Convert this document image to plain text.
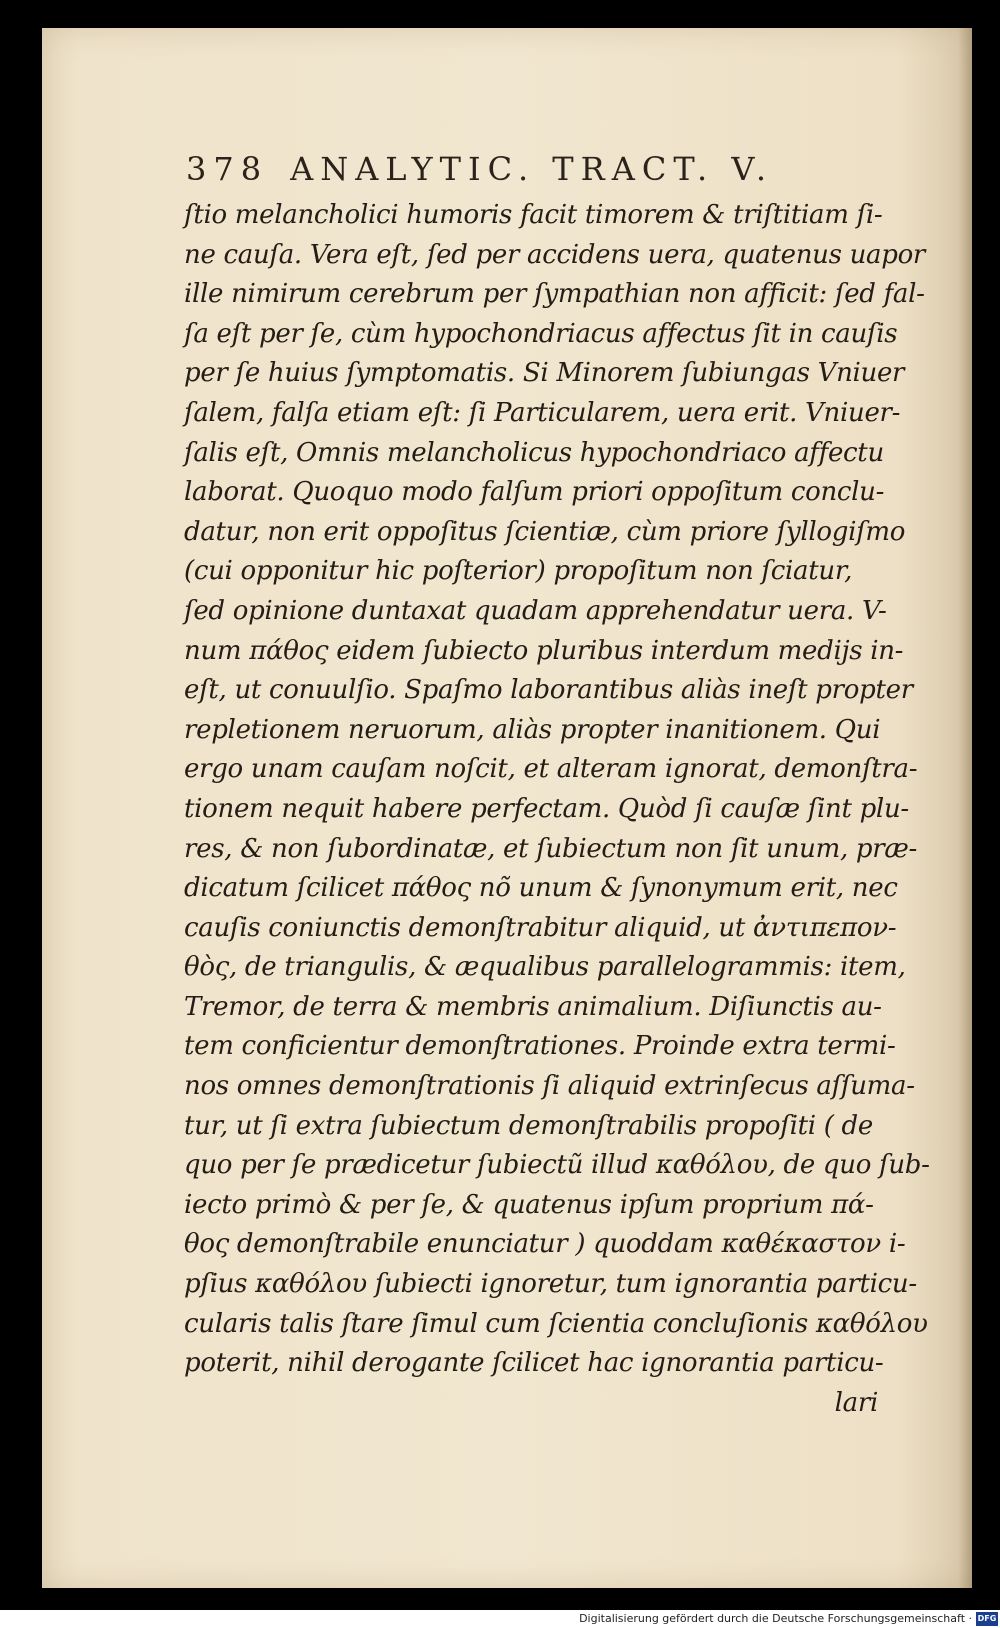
378 ANALYTIC. TRACT. V.
ſtio melancholici humoris facit timorem & triſtitiam ſi-
ne cauſa. Vera eſt, ſed per accidens uera, quatenus uapor
ille nimirum cerebrum per ſympathian non afficit: ſed fal-
ſa eſt per ſe, cùm hypochondriacus affectus ſit in cauſis
per ſe huius ſymptomatis. Si Minorem ſubiungas Vniuer
ſalem, falſa etiam eſt: ſi Particularem, uera erit. Vniuer-
ſalis eſt, Omnis melancholicus hypochondriaco affectu
laborat. Quoquo modo falſum priori oppoſitum conclu-
datur, non erit oppoſitus ſcientiæ, cùm priore ſyllogiſmo
(cui opponitur hic poſterior) propoſitum non ſciatur,
ſed opinione duntaxat quadam apprehendatur uera. V-
num πάθος eidem ſubiecto pluribus interdum medijs in-
eſt, ut conuulſio. Spaſmo laborantibus aliàs ineſt propter
repletionem neruorum, aliàs propter inanitionem. Qui
ergo unam cauſam noſcit, et alteram ignorat, demonſtra-
tionem nequit habere perfectam. Quòd ſi cauſæ ſint plu-
res, & non ſubordinatæ, et ſubiectum non ſit unum, præ-
dicatum ſcilicet πάθος nõ unum & ſynonymum erit, nec
cauſis coniunctis demonſtrabitur aliquid, ut ἀντιπεπον-
θὸς, de triangulis, & æqualibus parallelogrammis: item,
Tremor, de terra & membris animalium. Diſiunctis au-
tem conficientur demonſtrationes. Proinde extra termi-
nos omnes demonſtrationis ſi aliquid extrinſecus aſſuma-
tur, ut ſi extra ſubiectum demonſtrabilis propoſiti ( de
quo per ſe prædicetur ſubiectũ illud καθόλου, de quo ſub-
iecto primò & per ſe, & quatenus ipſum proprium πά-
θος demonſtrabile enunciatur ) quoddam καθέκαστον i-
pſius καθόλου ſubiecti ignoretur, tum ignorantia particu-
cularis talis ſtare ſimul cum ſcientia concluſionis καθόλου
poterit, nihil derogante ſcilicet hac ignorantia particu-
lari
Digitalisierung gefördert durch die Deutsche Forschungsgemeinschaft · DFG
